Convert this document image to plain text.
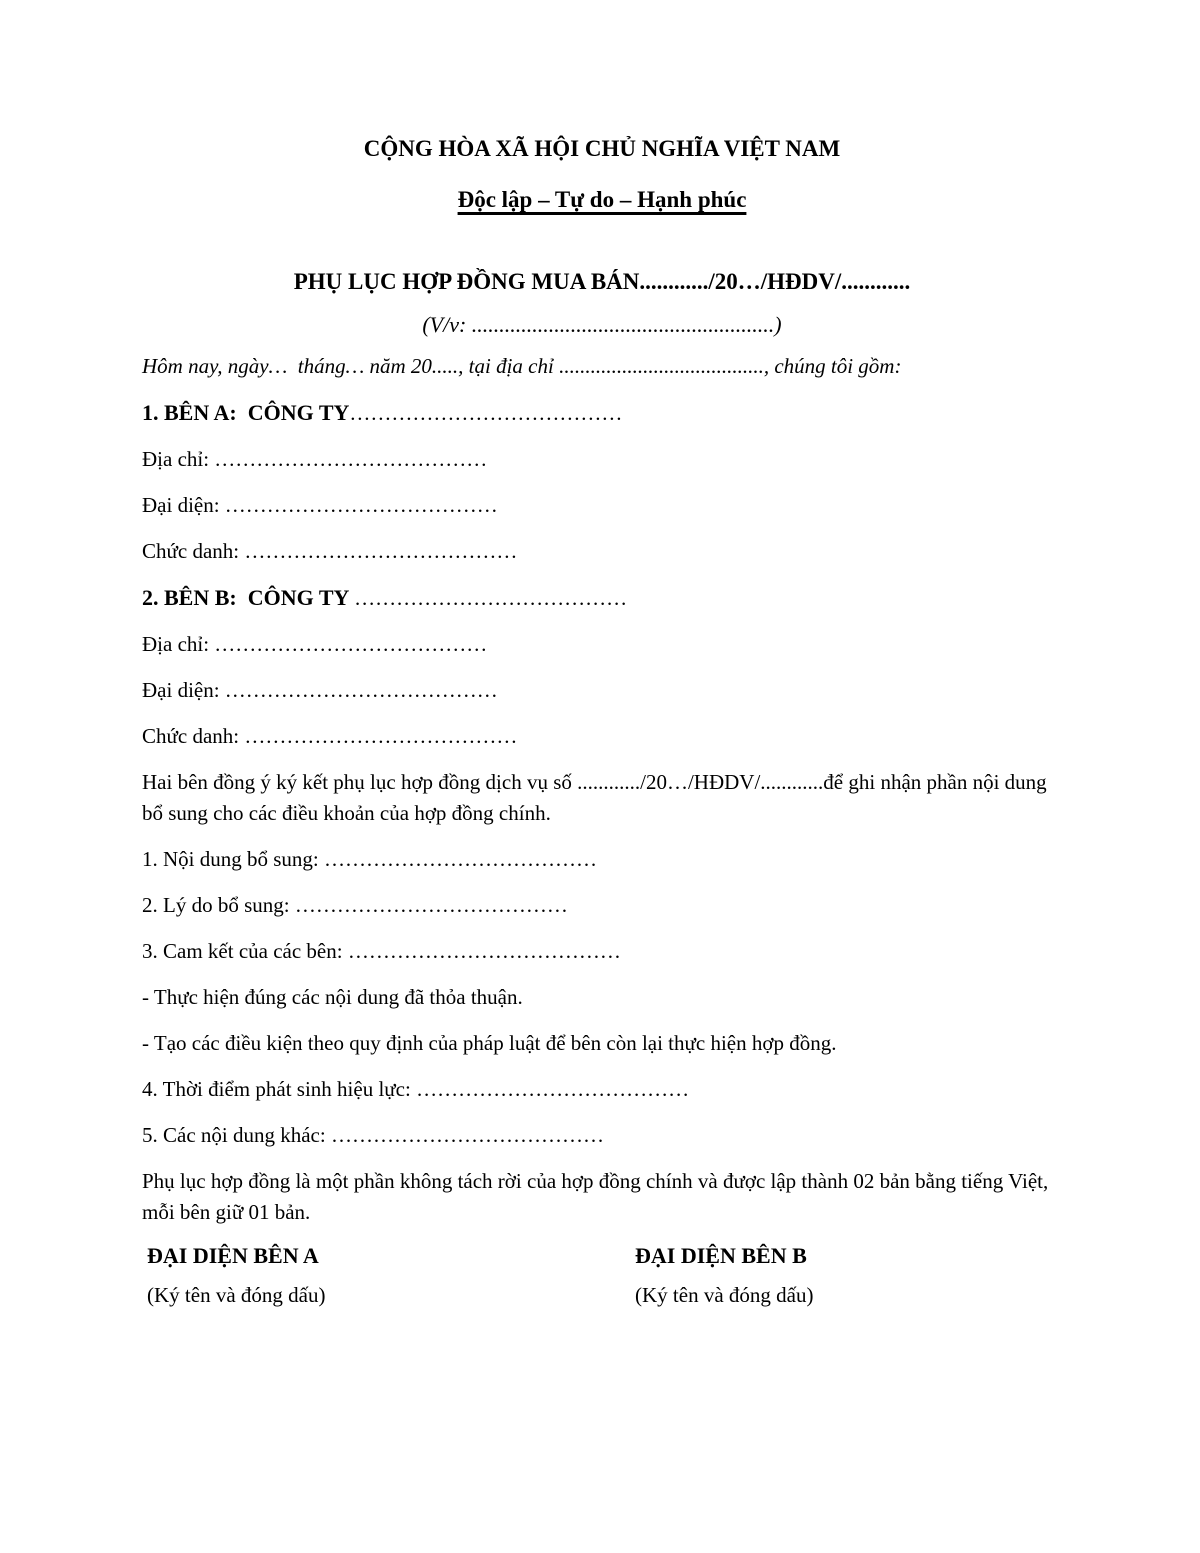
CỘNG HÒA XÃ HỘI CHỦ NGHĨA VIỆT NAM

Độc lập – Tự do – Hạnh phúc

PHỤ LỤC HỢP ĐỒNG MUA BÁN............/20…/HĐDV/............

(V/v: .......................................................)

Hôm nay, ngày…  tháng… năm 20....., tại địa chỉ ......................................., chúng tôi gồm:

1. BÊN A:  CÔNG TY…………………………………

Địa chỉ: …………………………………

Đại diện: …………………………………

Chức danh: …………………………………

2. BÊN B:  CÔNG TY …………………………………

Địa chỉ: …………………………………

Đại diện: …………………………………

Chức danh: …………………………………

Hai bên đồng ý ký kết phụ lục hợp đồng dịch vụ số ............/20…/HĐDV/............để ghi nhận phần nội dung bổ sung cho các điều khoản của hợp đồng chính.

1. Nội dung bổ sung: …………………………………

2. Lý do bổ sung: …………………………………

3. Cam kết của các bên: …………………………………

- Thực hiện đúng các nội dung đã thỏa thuận.

- Tạo các điều kiện theo quy định của pháp luật để bên còn lại thực hiện hợp đồng.

4. Thời điểm phát sinh hiệu lực: …………………………………

5. Các nội dung khác: …………………………………

Phụ lục hợp đồng là một phần không tách rời của hợp đồng chính và được lập thành 02 bản bằng tiếng Việt, mỗi bên giữ 01 bản.

ĐẠI DIỆN BÊN A

(Ký tên và đóng dấu)

ĐẠI DIỆN BÊN B

(Ký tên và đóng dấu)
